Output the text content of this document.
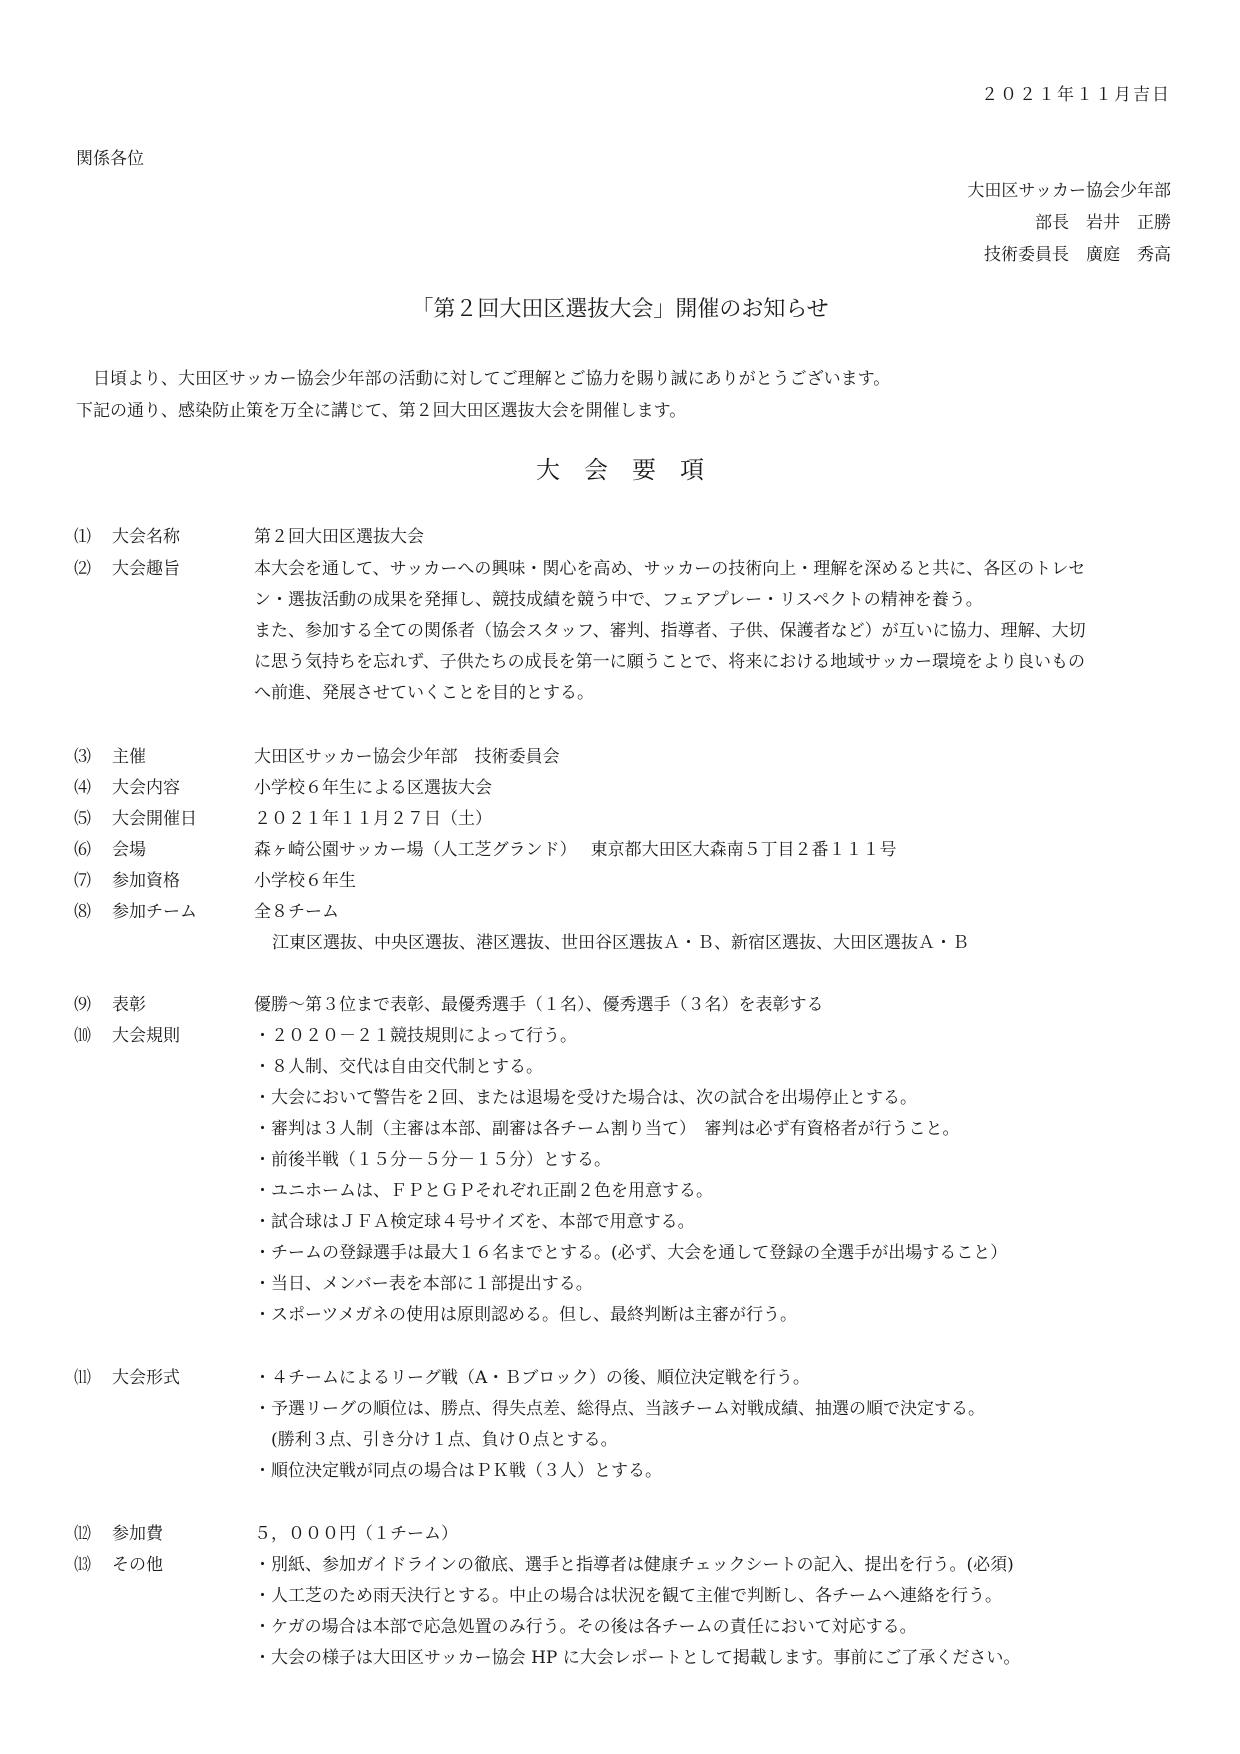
２０２１年１１月吉日
関係各位
大田区サッカー協会少年部
部長　岩井　正勝
技術委員長　廣庭　秀高
「第２回大田区選抜大会」開催のお知らせ
　日頃より、大田区サッカー協会少年部の活動に対してご理解とご協力を賜り誠にありがとうございます。
下記の通り、感染防止策を万全に講じて、第２回大田区選抜大会を開催します。
大会要項
⑴ 大会名称	第２回大田区選抜大会
⑵ 大会趣旨	本大会を通して、サッカーへの興味・関心を高め、サッカーの技術向上・理解を深めると共に、各区のトレセ
ン・選抜活動の成果を発揮し、競技成績を競う中で、フェアプレー・リスペクトの精神を養う。
また、参加する全ての関係者（協会スタッフ、審判、指導者、子供、保護者など）が互いに協力、理解、大切
に思う気持ちを忘れず、子供たちの成長を第一に願うことで、将来における地域サッカー環境をより良いもの
へ前進、発展させていくことを目的とする。
⑶ 主催	大田区サッカー協会少年部　技術委員会
⑷ 大会内容	小学校６年生による区選抜大会
⑸ 大会開催日	２０２１年１１月２７日（土）
⑹ 会場	森ヶ崎公園サッカー場（人工芝グランド）　 東京都大田区大森南５丁目２番１１１号
⑺ 参加資格	小学校６年生
⑻ 参加チーム	全８チーム
江東区選抜、中央区選抜、港区選抜、世田谷区選抜Ａ・Ｂ、新宿区選抜、大田区選抜Ａ・Ｂ
⑼ 表彰	優勝～第３位まで表彰、最優秀選手（１名）、優秀選手（３名）を表彰する
⑽ 大会規則	・２０２０－２１競技規則によって行う。
・８人制、交代は自由交代制とする。
・大会において警告を２回、または退場を受けた場合は、次の試合を出場停止とする。
・審判は３人制（主審は本部、副審は各チーム割り当て）　審判は必ず有資格者が行うこと。
・前後半戦（１５分－５分－１５分）とする。
・ユニホームは、ＦＰとＧＰそれぞれ正副２色を用意する。
・試合球はＪＦＡ検定球４号サイズを、本部で用意する。
・チームの登録選手は最大１６名までとする。(必ず、大会を通して登録の全選手が出場すること）
・当日、メンバー表を本部に１部提出する。
・スポーツメガネの使用は原則認める。但し、最終判断は主審が行う。
⑾ 大会形式	・４チームによるリーグ戦（A・Ｂブロック）の後、順位決定戦を行う。
・予選リーグの順位は、勝点、得失点差、総得点、当該チーム対戦成績、抽選の順で決定する。
　(勝利３点、引き分け１点、負け０点とする。
・順位決定戦が同点の場合はＰＫ戦（３人）とする。
⑿ 参加費	５，０００円（１チーム）
⒀ その他	・別紙、参加ガイドラインの徹底、選手と指導者は健康チェックシートの記入、提出を行う。(必須)
・人工芝のため雨天決行とする。中止の場合は状況を観て主催で判断し、各チームへ連絡を行う。
・ケガの場合は本部で応急処置のみ行う。その後は各チームの責任において対応する。
・大会の様子は大田区サッカー協会 HP に大会レポートとして掲載します。事前にご了承ください。
